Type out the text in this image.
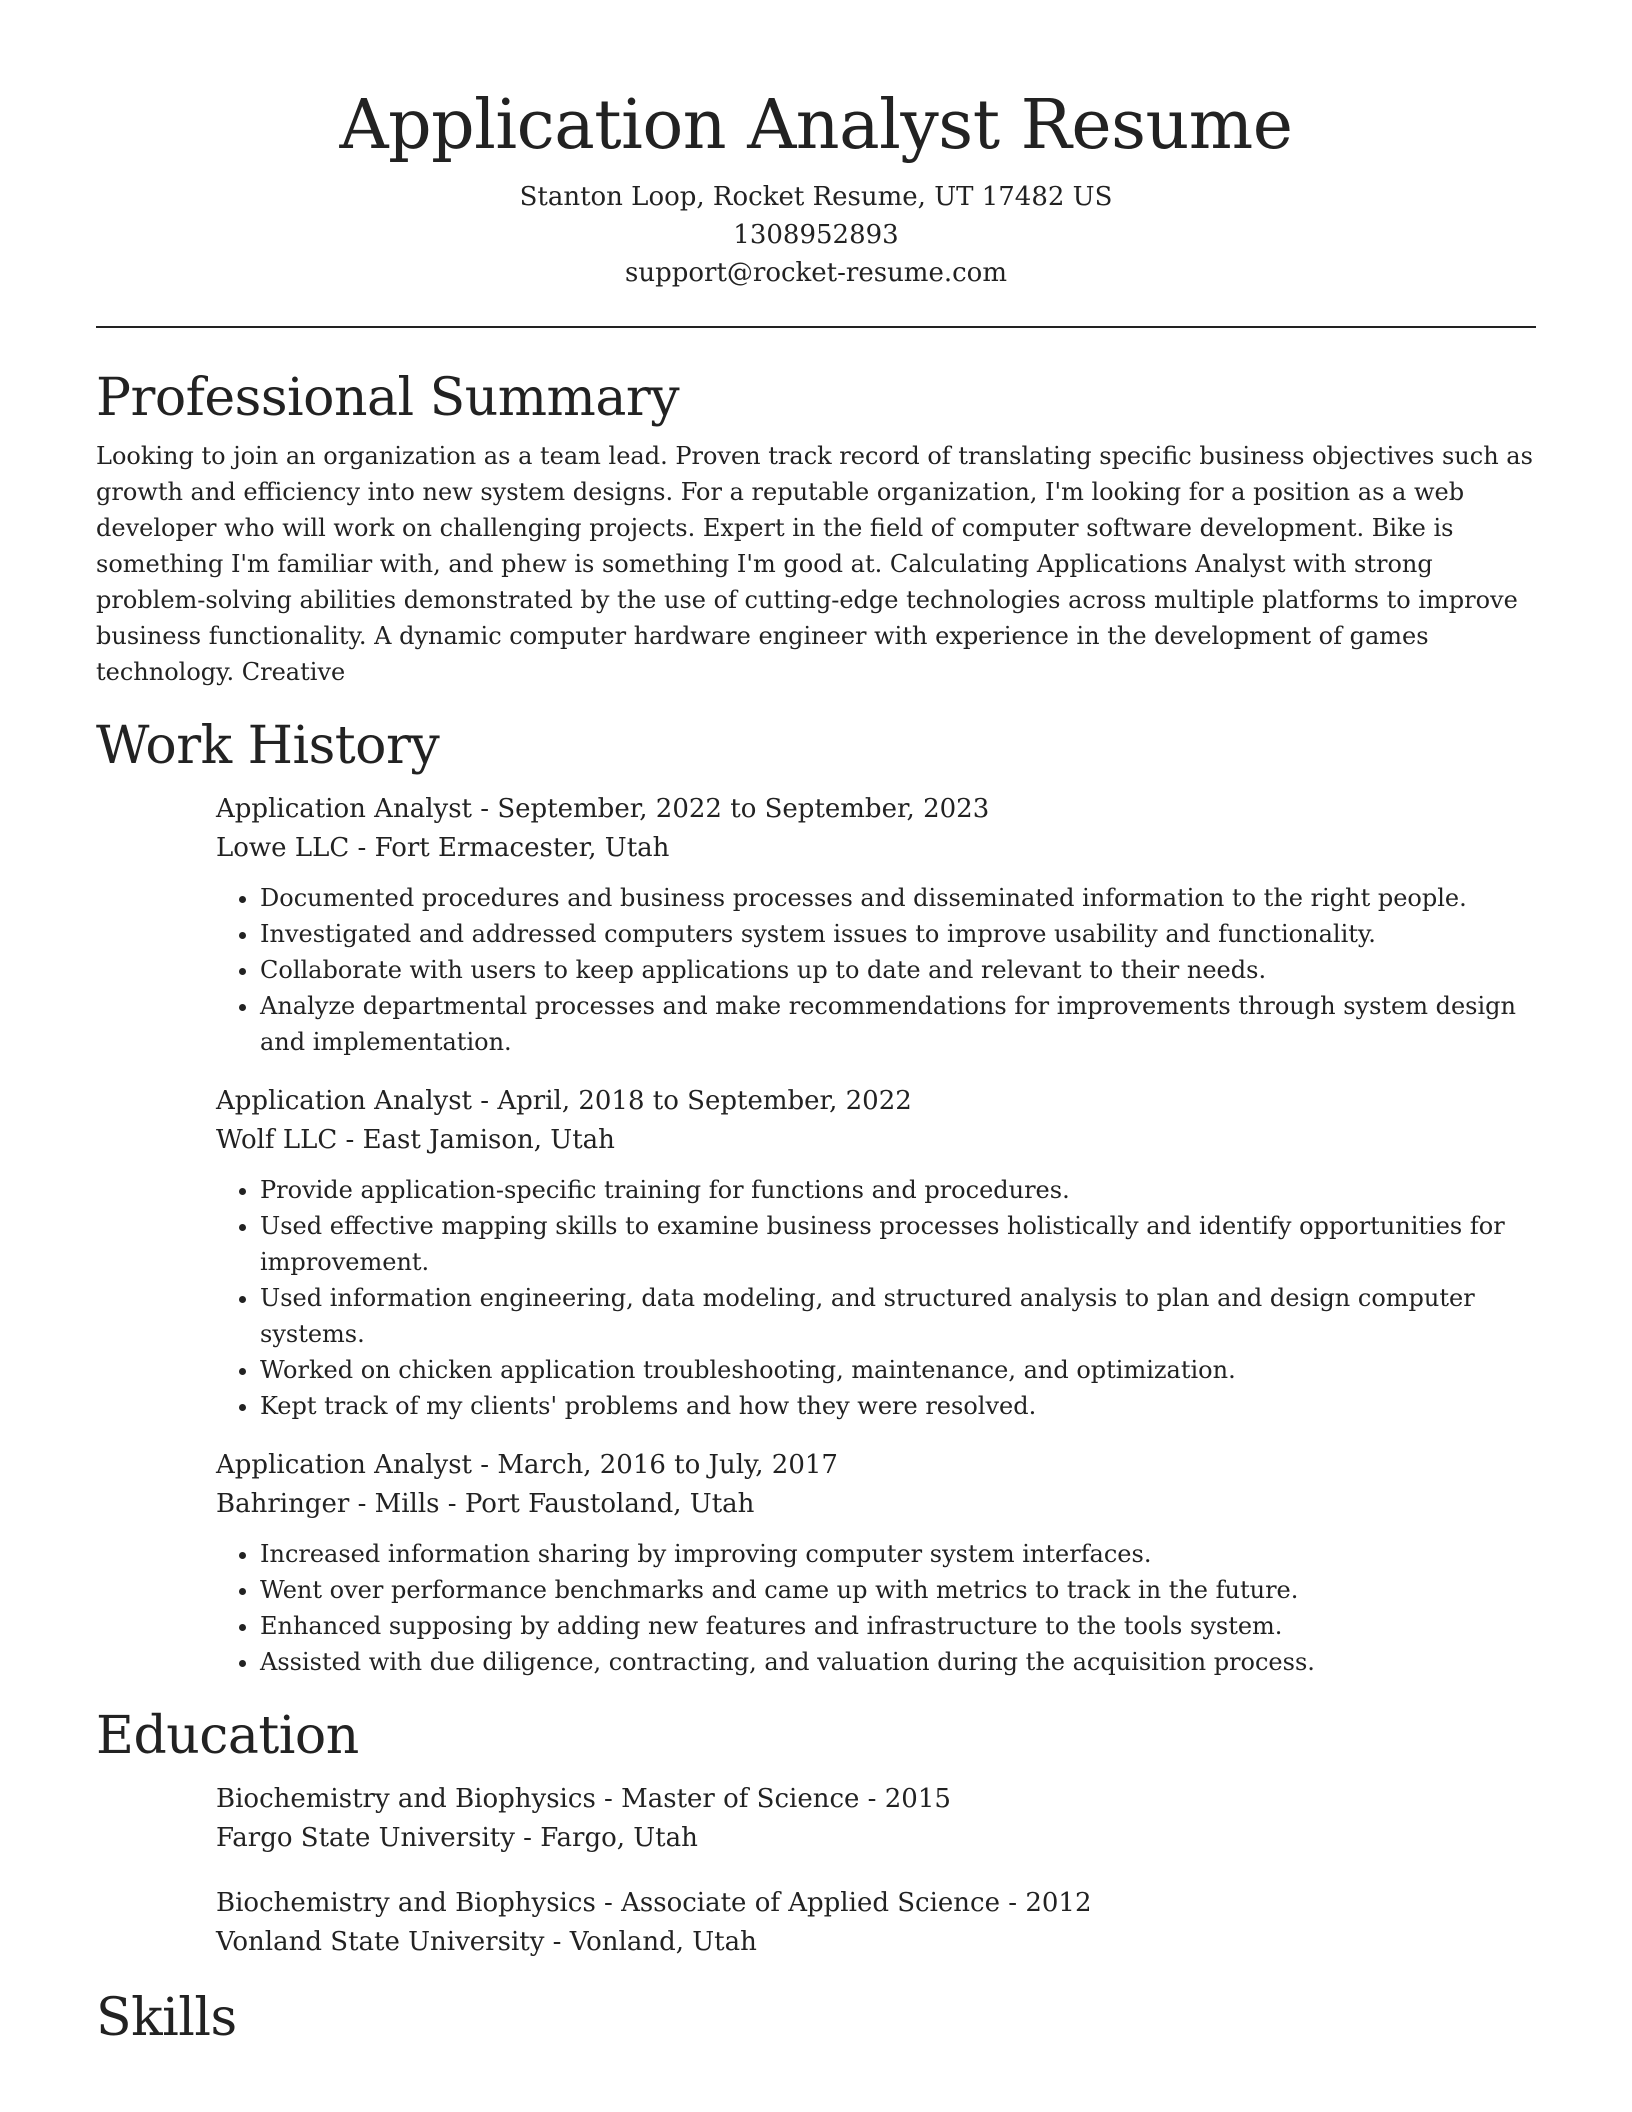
Application Analyst Resume
Stanton Loop, Rocket Resume, UT 17482 US
1308952893
support@rocket-resume.com
Professional Summary

Looking to join an organization as a team lead. Proven track record of translating specific business objectives such as growth and efficiency into new system designs. For a reputable organization, I'm looking for a position as a web developer who will work on challenging projects. Expert in the field of computer software development. Bike is something I'm familiar with, and phew is something I'm good at. Calculating Applications Analyst with strong problem-solving abilities demonstrated by the use of cutting-edge technologies across multiple platforms to improve business functionality. A dynamic computer hardware engineer with experience in the development of games technology. Creative

Work History
Application Analyst - September, 2022 to September, 2023
Lowe LLC - Fort Ermacester, Utah
• Documented procedures and business processes and disseminated information to the right people.
• Investigated and addressed computers system issues to improve usability and functionality.
• Collaborate with users to keep applications up to date and relevant to their needs.
• Analyze departmental processes and make recommendations for improvements through system design and implementation.
Application Analyst - April, 2018 to September, 2022
Wolf LLC - East Jamison, Utah
• Provide application-specific training for functions and procedures.
• Used effective mapping skills to examine business processes holistically and identify opportunities for improvement.
• Used information engineering, data modeling, and structured analysis to plan and design computer systems.
• Worked on chicken application troubleshooting, maintenance, and optimization.
• Kept track of my clients' problems and how they were resolved.
Application Analyst - March, 2016 to July, 2017
Bahringer - Mills - Port Faustoland, Utah
• Increased information sharing by improving computer system interfaces.
• Went over performance benchmarks and came up with metrics to track in the future.
• Enhanced supposing by adding new features and infrastructure to the tools system.
• Assisted with due diligence, contracting, and valuation during the acquisition process.
Education
Biochemistry and Biophysics - Master of Science - 2015
Fargo State University - Fargo, Utah
Biochemistry and Biophysics - Associate of Applied Science - 2012
Vonland State University - Vonland, Utah
Skills
